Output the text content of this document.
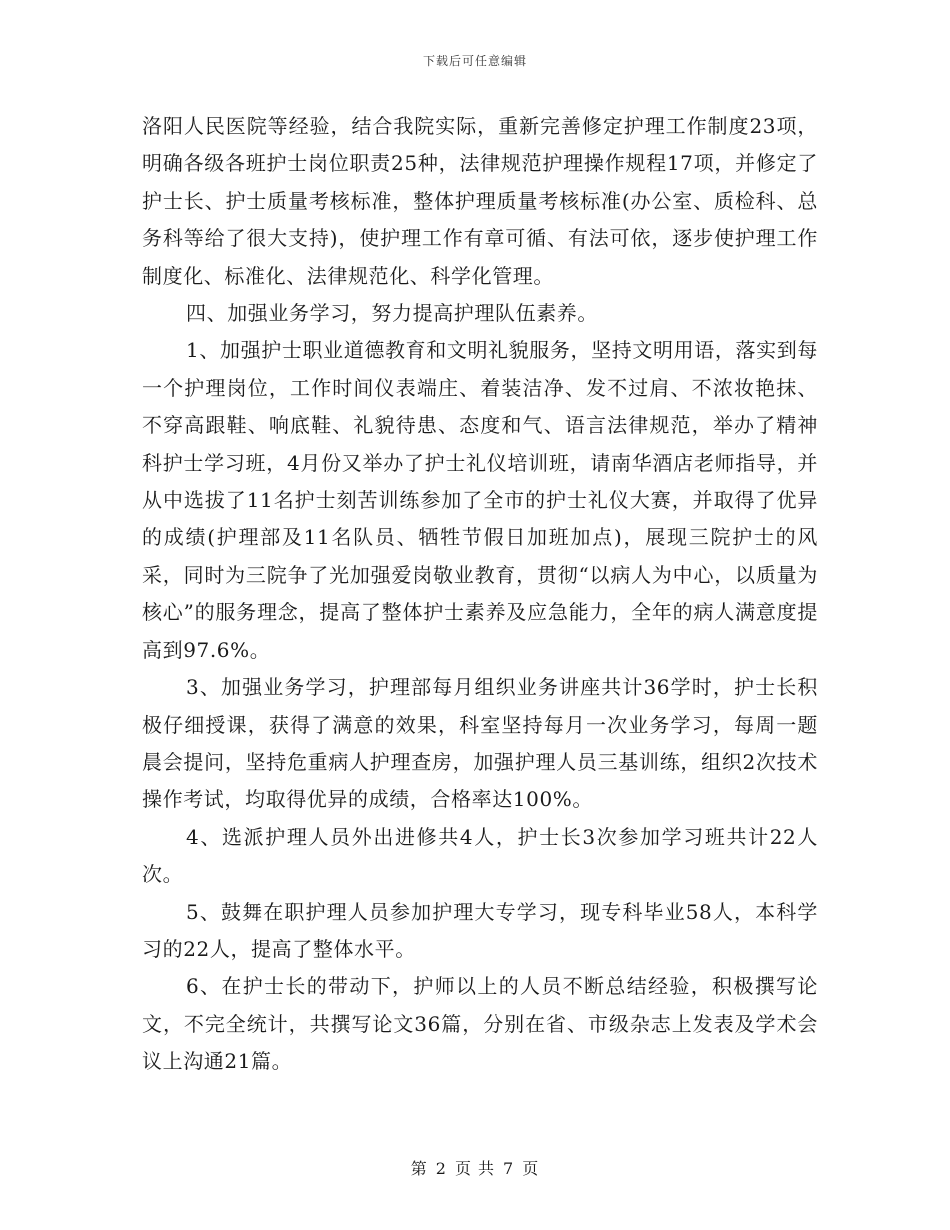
下载后可任意编辑

洛阳人民医院等经验，结合我院实际，重新完善修定护理工作制度23项，明确各级各班护士岗位职责25种，法律规范护理操作规程17项，并修定了护士长、护士质量考核标准，整体护理质量考核标准(办公室、质检科、总务科等给了很大支持)，使护理工作有章可循、有法可依，逐步使护理工作制度化、标准化、法律规范化、科学化管理。

四、加强业务学习，努力提高护理队伍素养。

1、加强护士职业道德教育和文明礼貌服务，坚持文明用语，落实到每一个护理岗位，工作时间仪表端庄、着装洁净、发不过肩、不浓妆艳抹、不穿高跟鞋、响底鞋、礼貌待患、态度和气、语言法律规范，举办了精神科护士学习班，4月份又举办了护士礼仪培训班，请南华酒店老师指导，并从中选拔了11名护士刻苦训练参加了全市的护士礼仪大赛，并取得了优异的成绩(护理部及11名队员、牺牲节假日加班加点)，展现三院护士的风采，同时为三院争了光加强爱岗敬业教育，贯彻“以病人为中心，以质量为核心”的服务理念，提高了整体护士素养及应急能力，全年的病人满意度提高到97.6%。

3、加强业务学习，护理部每月组织业务讲座共计36学时，护士长积极仔细授课，获得了满意的效果，科室坚持每月一次业务学习，每周一题晨会提问，坚持危重病人护理查房，加强护理人员三基训练，组织2次技术操作考试，均取得优异的成绩，合格率达100%。

4、选派护理人员外出进修共4人，护士长3次参加学习班共计22人次。

5、鼓舞在职护理人员参加护理大专学习，现专科毕业58人，本科学习的22人，提高了整体水平。

6、在护士长的带动下，护师以上的人员不断总结经验，积极撰写论文，不完全统计，共撰写论文36篇，分别在省、市级杂志上发表及学术会议上沟通21篇。

第 2 页 共 7 页
